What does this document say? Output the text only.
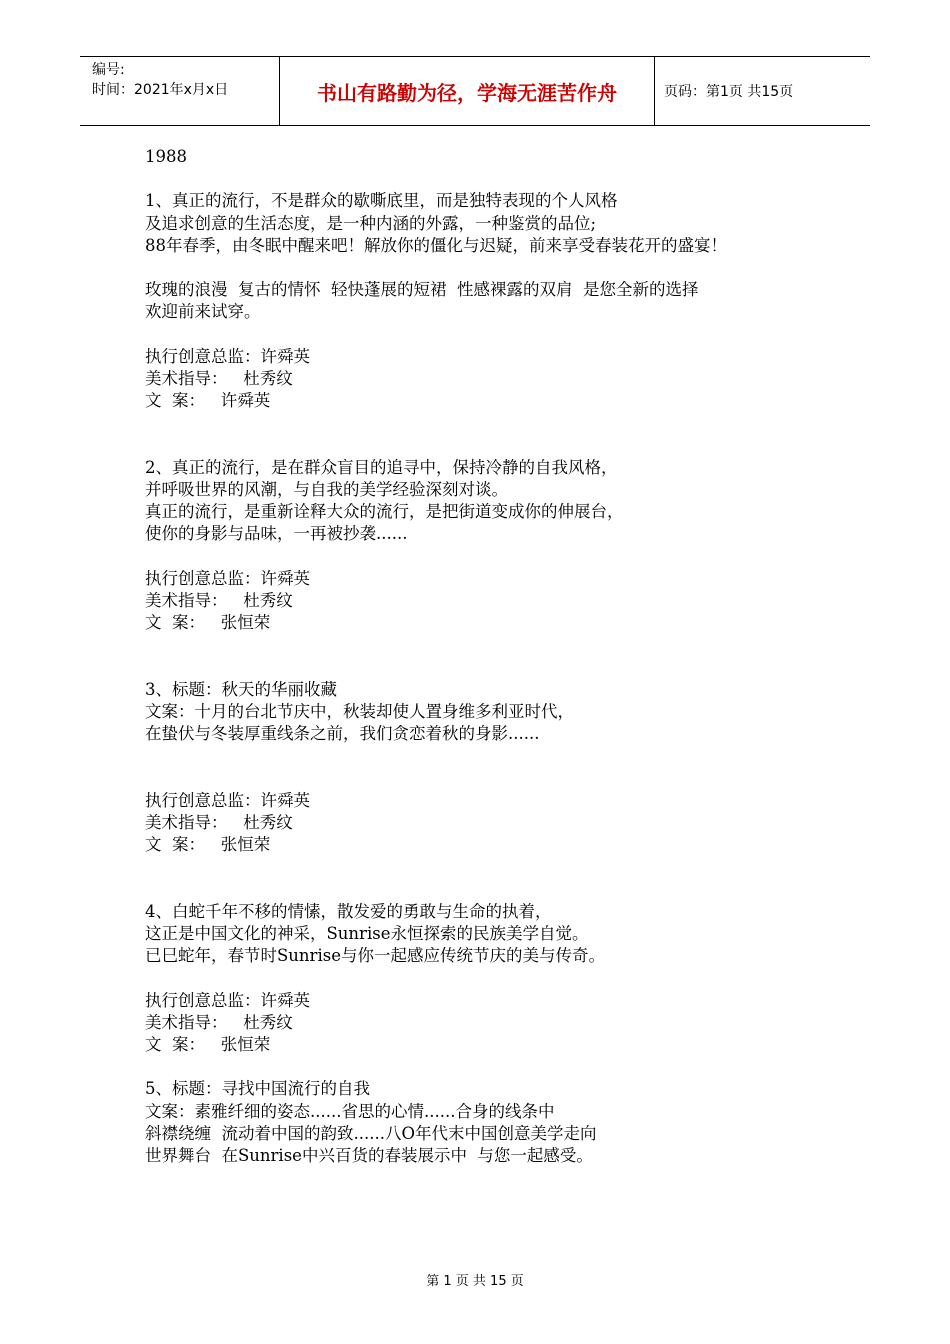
编号:
时间：2021年x月x日	书山有路勤为径，学海无涯苦作舟	页码：第1页 共15页

1988

1、真正的流行，不是群众的歇嘶底里，而是独特表现的个人风格

及追求创意的生活态度，是一种内涵的外露，一种鉴赏的品位;

88年春季，由冬眠中醒来吧！解放你的僵化与迟疑，前来享受春装花开的盛宴！

玫瑰的浪漫  复古的情怀  轻快蓬展的短裙  性感裸露的双肩  是您全新的选择

欢迎前来试穿。

执行创意总监：许舜英

美术指导：   杜秀纹

文  案：   许舜英

2、真正的流行，是在群众盲目的追寻中，保持冷静的自我风格，

并呼吸世界的风潮，与自我的美学经验深刻对谈。

真正的流行，是重新诠释大众的流行，是把街道变成你的伸展台，

使你的身影与品味，一再被抄袭......

执行创意总监：许舜英

美术指导：   杜秀纹

文  案：   张恒荣

3、标题：秋天的华丽收藏

文案：十月的台北节庆中，秋装却使人置身维多利亚时代，

在蛰伏与冬装厚重线条之前，我们贪恋着秋的身影......

执行创意总监：许舜英

美术指导：   杜秀纹

文  案：   张恒荣

4、白蛇千年不移的情愫，散发爱的勇敢与生命的执着，

这正是中国文化的神采，Sunrise永恒探索的民族美学自觉。

已巳蛇年，春节时Sunrise与你一起感应传统节庆的美与传奇。

执行创意总监：许舜英

美术指导：   杜秀纹

文  案：   张恒荣

5、标题：寻找中国流行的自我

文案：素雅纤细的姿态......省思的心情......合身的线条中

斜襟绕缠  流动着中国的韵致......八O年代末中国创意美学走向

世界舞台  在Sunrise中兴百货的春装展示中  与您一起感受。

第 1 页 共 15 页
